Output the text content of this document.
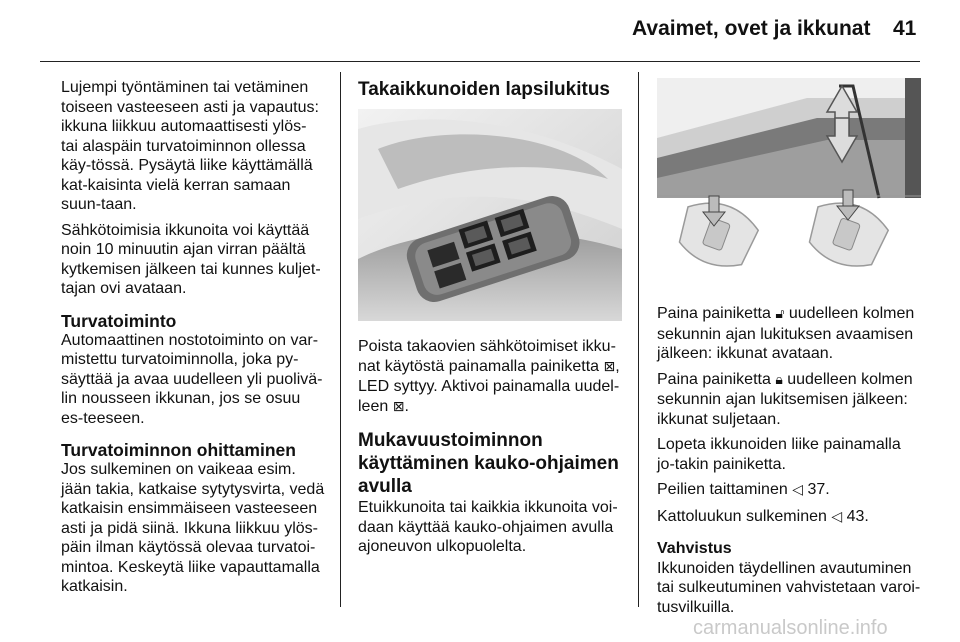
Avaimet, ovet ja ikkunat 41

Lujempi työntäminen tai vetäminen toiseen vasteeseen asti ja vapautus: ikkuna liikkuu automaattisesti ylös- tai alaspäin turvatoiminnon ollessa käy-tössä. Pysäytä liike käyttämällä kat-kaisinta vielä kerran samaan suun-taan.

Sähkötoimisia ikkunoita voi käyttää noin 10 minuutin ajan virran päältä kytkemisen jälkeen tai kunnes kuljet-tajan ovi avataan.

Turvatoiminto

Automaattinen nostotoiminto on var-mistettu turvatoiminnolla, joka py-säyttää ja avaa uudelleen yli puolivä-lin nousseen ikkunan, jos se osuu es-teeseen.

Turvatoiminnon ohittaminen

Jos sulkeminen on vaikeaa esim. jään takia, katkaise sytytysvirta, vedä katkaisin ensimmäiseen vasteeseen asti ja pidä siinä. Ikkuna liikkuu ylös-päin ilman käytössä olevaa turvatoi-mintoa. Keskeytä liike vapauttamalla katkaisin.

Takaikkunoiden lapsilukitus

Poista takaovien sähkötoimiset ikku-nat käytöstä painamalla painiketta ⊠, LED syttyy. Aktivoi painamalla uudel-leen ⊠.

Mukavuustoiminnon käyttäminen kauko-ohjaimen avulla

Etuikkunoita tai kaikkia ikkunoita voi-daan käyttää kauko-ohjaimen avulla ajoneuvon ulkopuolelta.

Paina painiketta 🔓︎ uudelleen kolmen sekunnin ajan lukituksen avaamisen jälkeen: ikkunat avataan.

Paina painiketta 🔒︎ uudelleen kolmen sekunnin ajan lukitsemisen jälkeen: ikkunat suljetaan.

Lopeta ikkunoiden liike painamalla jo-takin painiketta.

Peilien taittaminen ◁ 37.

Kattoluukun sulkeminen ◁ 43.

Vahvistus

Ikkunoiden täydellinen avautuminen tai sulkeutuminen vahvistetaan varoi-tusvilkuilla.

carmanualsonline.info
